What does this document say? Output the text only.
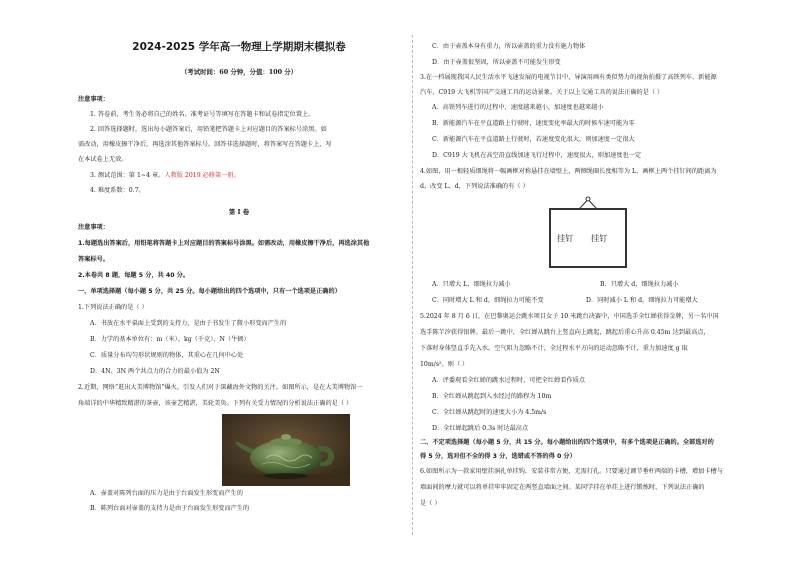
2024-2025 学年高一物理上学期期末模拟卷
（考试时间：60 分钟，分值：100 分）
注意事项：
1. 答卷前，考生务必将自己的姓名、准考证号等填写在答题卡和试卷指定位置上。
2. 回答选择题时，选出每小题答案后，用铅笔把答题卡上对应题目的答案标号涂黑。如
需改动，用橡皮擦干净后，再选涂其他答案标号。回答非选择题时，将答案写在答题卡上，写
在本试卷上无效。
3. 测试范围：第 1~4 章。人教版 2019 必修第一册。
4. 难度系数：0.7。
第 I 卷
注意事项：
1.每题选出答案后，用铅笔将答题卡上对应题目的答案标号涂黑。如需改动，用橡皮擦干净后，再选涂其他
答案标号。
2.本卷共 8 题，每题 5 分，共 40 分。
一、单项选择题（每小题 5 分，共 25 分。每小题给出的四个选项中，只有一个选项是正确的）
1.下列说法正确的是（ ）
A．书放在水平桌面上受到的支持力，是由于书发生了微小形变而产生的
B．力学的基本单位有：m（米）、kg（千克）、N（牛顿）
C．质量分布均匀形状规则的物体，其重心在几何中心处
D．4N、3N 两个共点力的合力的最小值为 2N
2.近期，网络“逛出大美博物馆”爆火，引发人们对于深藏海外文物的关注。如图所示，是在大美博物馆一
角端详的中华精致精湛的茶壶，该壶艺精湛，美轮美奂。下列有关受力情况的分析说法正确的是（ ）
A．壶盖对陈列台面的压力是由于台面发生形变而产生的
B．陈列台面对壶盖的支持力是由于台面发生形变而产生的
C．由于壶盖本身有重力，所以壶盖的重力没有施力物体
D．由于壶盖很坚固，所以壶盖不可能发生形变
3.在一档展现我国人民生活水平飞速发展的电视节目中，导演用画有类似势力的视角拍摄了高铁列车、新能源
汽车、C919 大飞机等国产交通工具的运动景象。关于以上交通工具的说法正确的是（ ）
A．高铁列车进行的过程中，速度越来越小，加速度也越来越小
B．新能源汽车在平直道路上行驶时，速度变化率最大的时候车速可能为零
C．新能源汽车在平直道路上行驶时，若速度变化很大，则加速度一定很大
D．C919 大飞机在高空沿直线加速飞行过程中，速度很大，则加速度也一定
4.如图，用一根轻质细绳将一幅画框对称悬挂在墙壁上，两侧绳圈长度相等为 L，画框上两个挂钉间的距离为
d。改变 L、d，下列说法准确的有（ ）
A．只增大 L，细绳拉力减小	B．只增大 d，细绳拉力减小
C．同时增大 L 和 d，细绳拉力可能不变	D．同时减小 L 和 d，细绳拉力可能增大
5.2024 年 8 月 6 日，在巴黎奥运会跳水项目女子 10 米跳台决赛中，中国选手全红婵获得金牌，另一名中国
选手陈芋汐获得银牌。最后一跳中，全红婵从跳台上竖直向上跳起，跳起后重心升高 0.45m 达到最高点，
下落时身体竖直手先入水。空气阻力忽略不计，全过程水平方向的运动忽略不计，重力加速度 g 取
10m/s²。则（ ）
A．评委观看全红婵的跳水过程时，可把全红婵看作质点
B．全红婵从跳起到入水经过的路程为 10m
C．全红婵从跳起时的速度大小为 4.5m/s
D．全红婵起跳后 0.3s 时达最高点
二、不定项选择题（每小题 5 分，共 15 分。每小题给出的四个选项中，有多个选项是正确的。全部选对的
得 5 分，选对但不全的得 3 分，选错或不答的得 0 分）
6.如图所示为一款家用壁挂洞孔单挂钩，安装非常方便，无需打孔。只要通过调节垂杆两端的卡槽，增加卡槽与
墙面间的摩力就可以将单挂牢牢固定在两竖直墙面之间。某同学挂在单挂上进行锻炼时，下列说法正确的
是（ ）
挂钉 挂钉
